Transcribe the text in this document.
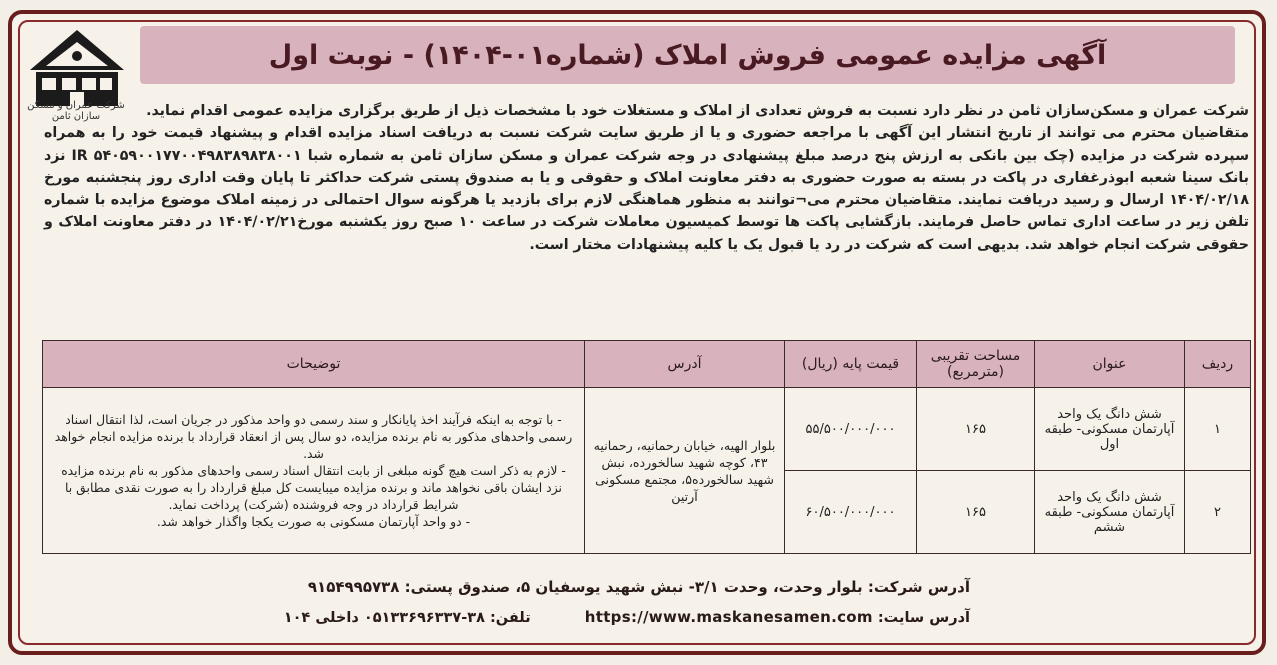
شرکت عمران و مسکن سازان ثامن
آگهی مزایده عمومی فروش املاک (شماره۰۱-۱۴۰۴) - نوبت اول

شرکت عمران و مسکن‌سازان ثامن در نظر دارد نسبت به فروش تعدادی از املاک و مستغلات خود با مشخصات ذیل از طریق برگزاری مزایده عمومی اقدام نماید.

متقاضیان محترم می توانند از تاریخ انتشار این آگهی با مراجعه حضوری و یا از طریق سایت شرکت نسبت به دریافت اسناد مزایده اقدام و پیشنهاد قیمت خود را به همراه سپرده شرکت در مزایده (چک بین بانکی به ارزش پنج درصد مبلغ پیشنهادی در وجه شرکت عمران و مسکن سازان ثامن به شماره شبا IR ۵۴۰۵۹۰۰۱۷۷۰۰۴۹۸۳۸۹۸۳۸۰۰۱ نزد بانک سینا شعبه ابوذرغفاری در پاکت در بسته به صورت حضوری به دفتر معاونت املاک و حقوقی و یا به صندوق پستی شرکت حداکثر تا پایان وقت اداری روز پنجشنبه مورخ ۱۴۰۴/۰۲/۱۸ ارسال و رسید دریافت نمایند. متقاضیان محترم می¬توانند به منظور هماهنگی لازم برای بازدید یا هرگونه سوال احتمالی در زمینه املاک موضوع مزایده با شماره تلفن زیر در ساعت اداری تماس حاصل فرمایند. بازگشایی پاکت ها توسط کمیسیون معاملات شرکت در ساعت ۱۰ صبح روز یکشنبه مورخ۱۴۰۴/۰۲/۲۱ در دفتر معاونت املاک و حقوقی شرکت انجام خواهد شد. بدیهی است که شرکت در رد یا قبول یک یا کلیه پیشنهادات مختار است.

ردیف	عنوان	مساحت تقریبی (مترمربع)	قیمت پایه (ریال)	آدرس	توضیحات
۱	شش دانگ یک واحد آپارتمان مسکونی- طبقه اول	۱۶۵	۵۵/۵۰۰/۰۰۰/۰۰۰	بلوار الهیه، خیابان رحمانیه، رحمانیه ۴۳، کوچه شهید سالخورده، نبش شهید سالخورده۵، مجتمع مسکونی آرتین	- با توجه به اینکه فرآیند اخذ پایانکار و سند رسمی دو واحد مذکور در جریان است، لذا انتقال اسناد رسمی واحدهای مذکور به نام برنده مزایده، دو سال پس از انعقاد قرارداد با برنده مزایده انجام خواهد شد.
- لازم به ذکر است هیچ گونه مبلغی از بابت انتقال اسناد رسمی واحدهای مذکور به نام برنده مزایده نزد ایشان باقی نخواهد ماند و برنده مزایده میبایست کل مبلغ قرارداد را به صورت نقدی مطابق با شرایط قرارداد در وجه فروشنده (شرکت) پرداخت نماید.
- دو واحد آپارتمان مسکونی به صورت یکجا واگذار خواهد شد.

۲	شش دانگ یک واحد آپارتمان مسکونی- طبقه ششم	۱۶۵	۶۰/۵۰۰/۰۰۰/۰۰۰		
آدرس شرکت: بلوار وحدت، وحدت ۳/۱- نبش شهید یوسفیان ۵، صندوق پستی: ۹۱۵۴۹۹۵۷۳۸
آدرس سایت: https://www.maskanesamen.com  تلفن: ۳۸-۰۵۱۳۳۶۹۶۳۳۷ داخلی ۱۰۴
